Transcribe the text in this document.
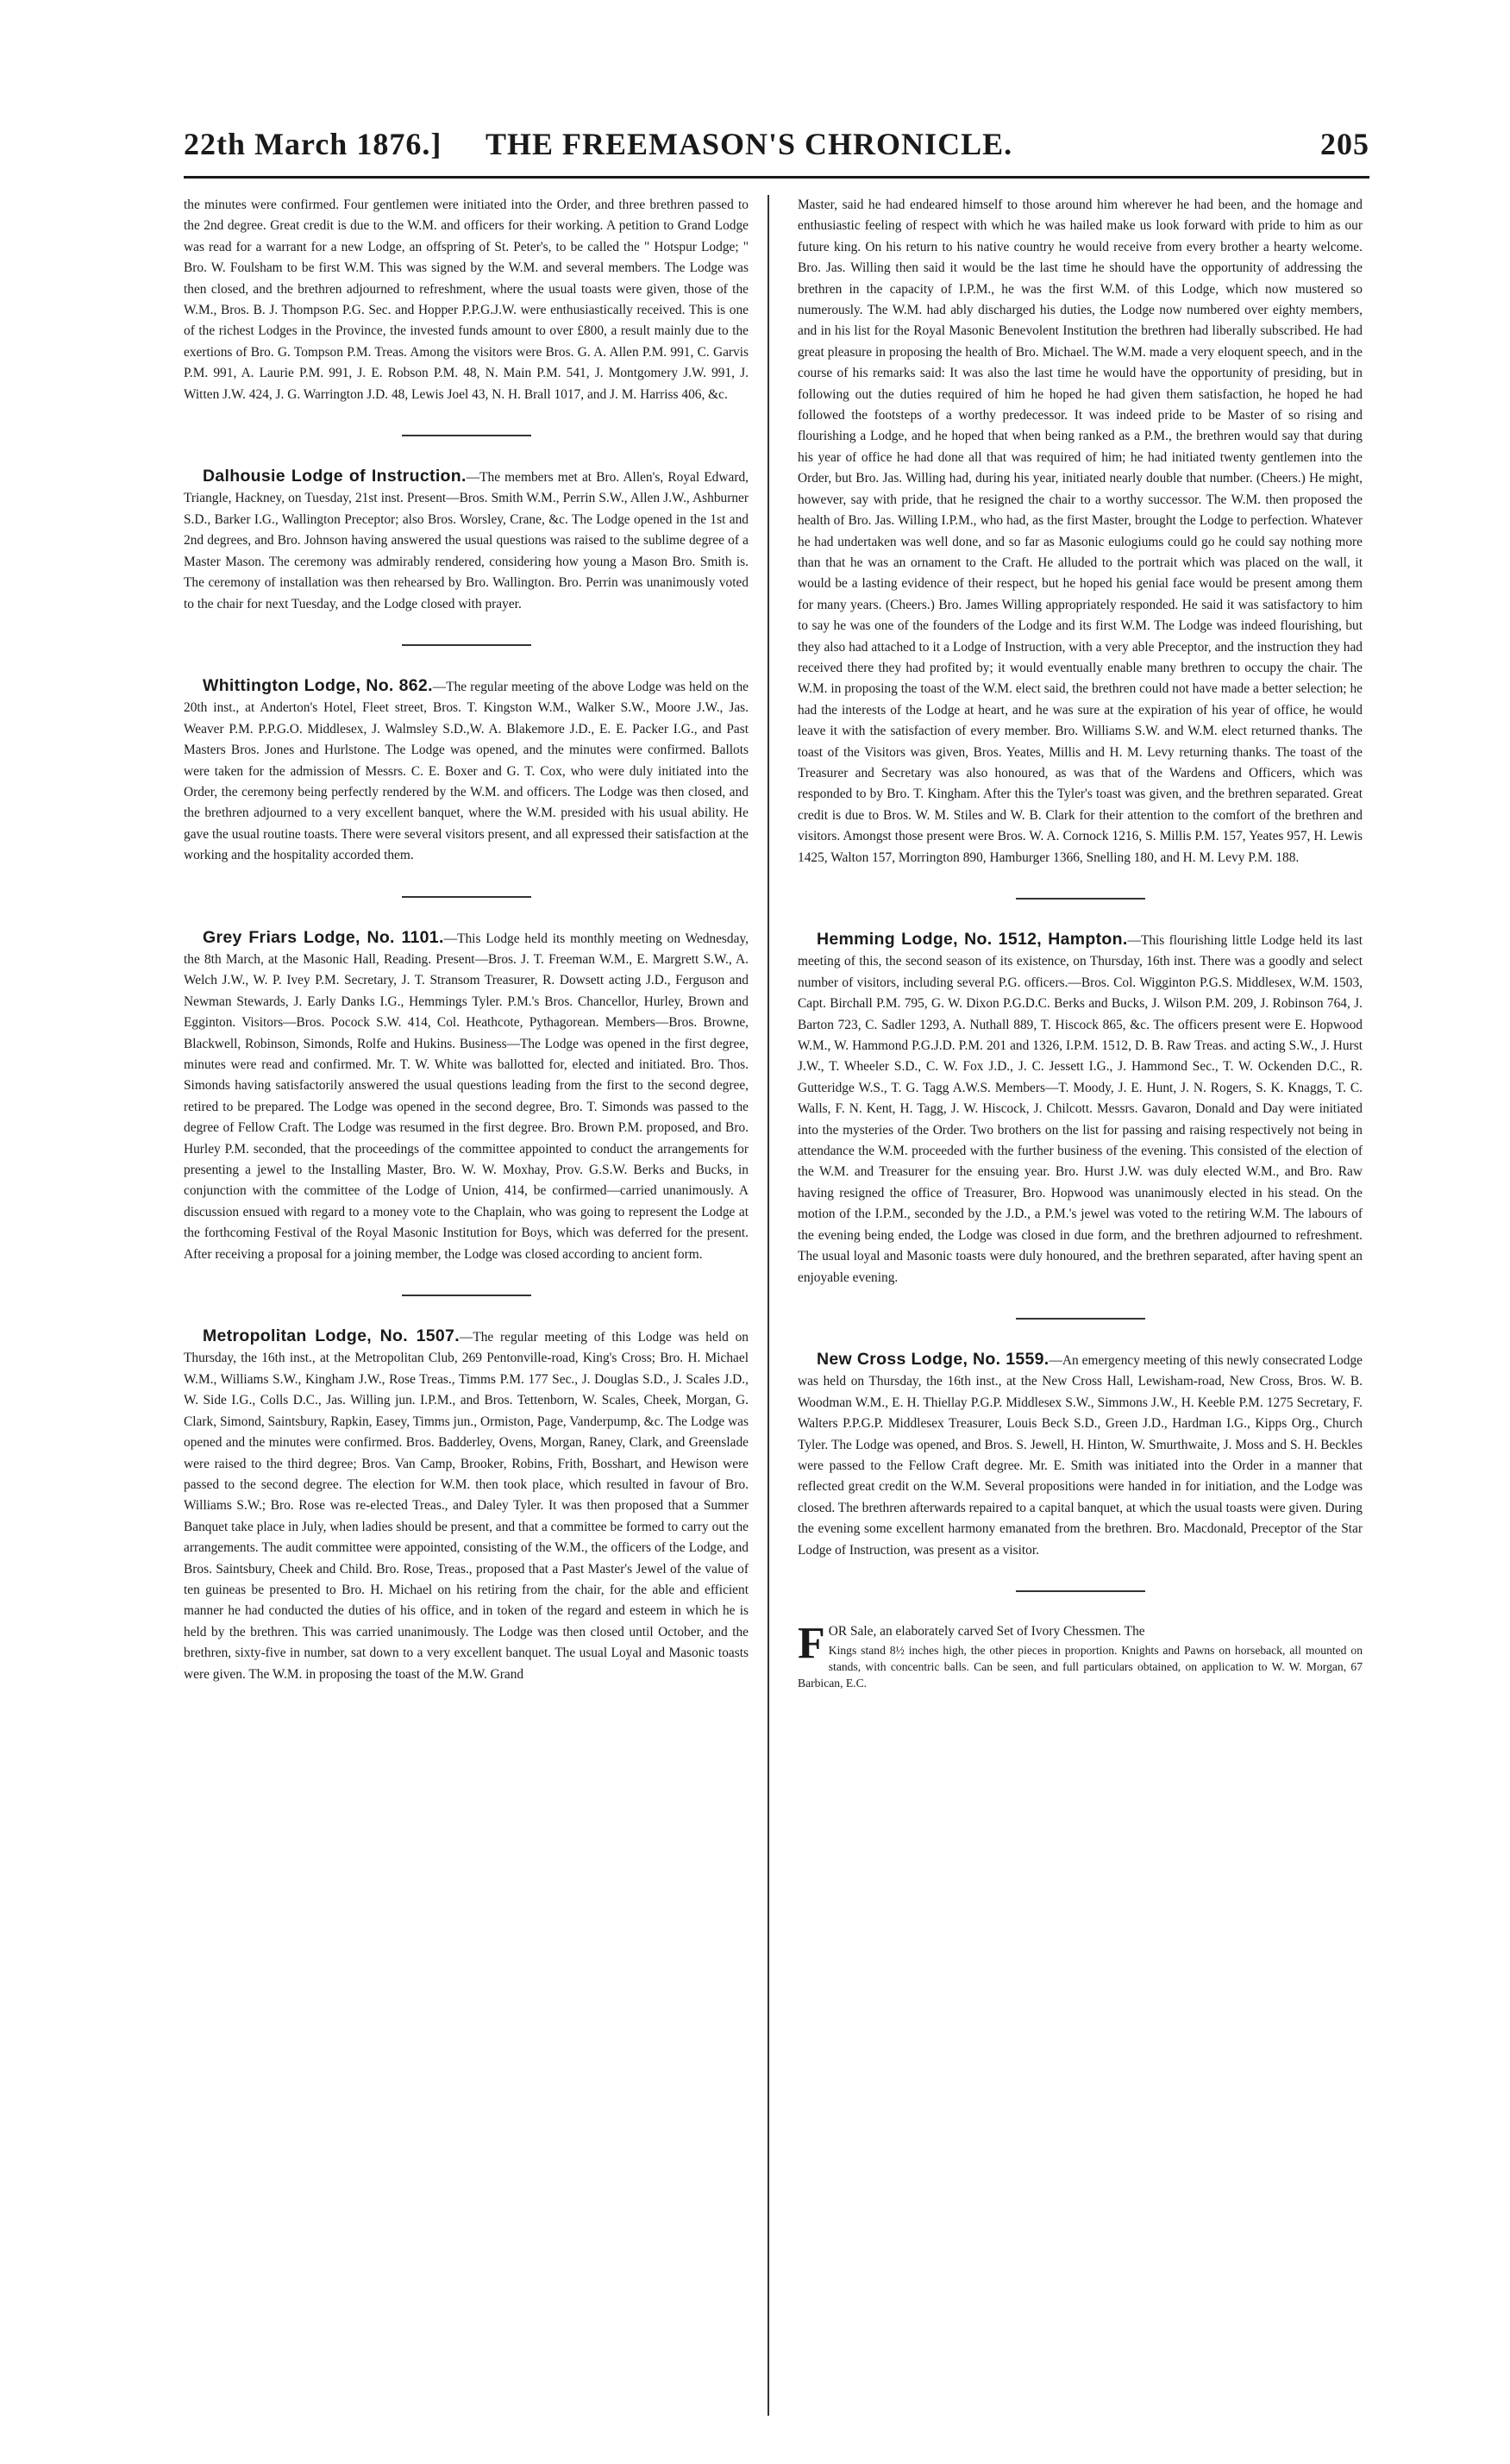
22th March 1876.] THE FREEMASON'S CHRONICLE.	205

the minutes were confirmed. Four gentlemen were initiated into the Order, and three brethren passed to the 2nd degree. Great credit is due to the W.M. and officers for their working. A petition to Grand Lodge was read for a warrant for a new Lodge, an offspring of St. Peter's, to be called the " Hotspur Lodge; " Bro. W. Foulsham to be first W.M. This was signed by the W.M. and several members. The Lodge was then closed, and the brethren adjourned to refreshment, where the usual toasts were given, those of the W.M., Bros. B. J. Thompson P.G. Sec. and Hopper P.P.G.J.W. were enthusiastically received. This is one of the richest Lodges in the Province, the invested funds amount to over £800, a result mainly due to the exertions of Bro. G. Tompson P.M. Treas. Among the visitors were Bros. G. A. Allen P.M. 991, C. Garvis P.M. 991, A. Laurie P.M. 991, J. E. Robson P.M. 48, N. Main P.M. 541, J. Montgomery J.W. 991, J. Witten J.W. 424, J. G. Warrington J.D. 48, Lewis Joel 43, N. H. Brall 1017, and J. M. Harriss 406, &c.

Dalhousie Lodge of Instruction.—The members met at Bro. Allen's, Royal Edward, Triangle, Hackney, on Tuesday, 21st inst. Present—Bros. Smith W.M., Perrin S.W., Allen J.W., Ashburner S.D., Barker I.G., Wallington Preceptor; also Bros. Worsley, Crane, &c. The Lodge opened in the 1st and 2nd degrees, and Bro. Johnson having answered the usual questions was raised to the sublime degree of a Master Mason. The ceremony was admirably rendered, considering how young a Mason Bro. Smith is. The ceremony of installation was then rehearsed by Bro. Wallington. Bro. Perrin was unanimously voted to the chair for next Tuesday, and the Lodge closed with prayer.

Whittington Lodge, No. 862.—The regular meeting of the above Lodge was held on the 20th inst., at Anderton's Hotel, Fleet street, Bros. T. Kingston W.M., Walker S.W., Moore J.W., Jas. Weaver P.M. P.P.G.O. Middlesex, J. Walmsley S.D.,W. A. Blakemore J.D., E. E. Packer I.G., and Past Masters Bros. Jones and Hurlstone. The Lodge was opened, and the minutes were confirmed. Ballots were taken for the admission of Messrs. C. E. Boxer and G. T. Cox, who were duly initiated into the Order, the ceremony being perfectly rendered by the W.M. and officers. The Lodge was then closed, and the brethren adjourned to a very excellent banquet, where the W.M. presided with his usual ability. He gave the usual routine toasts. There were several visitors present, and all expressed their satisfaction at the working and the hospitality accorded them.

Grey Friars Lodge, No. 1101.—This Lodge held its monthly meeting on Wednesday, the 8th March, at the Masonic Hall, Reading. Present—Bros. J. T. Freeman W.M., E. Margrett S.W., A. Welch J.W., W. P. Ivey P.M. Secretary, J. T. Stransom Treasurer, R. Dowsett acting J.D., Ferguson and Newman Stewards, J. Early Danks I.G., Hemmings Tyler. P.M.'s Bros. Chancellor, Hurley, Brown and Egginton. Visitors—Bros. Pocock S.W. 414, Col. Heathcote, Pythagorean. Members—Bros. Browne, Blackwell, Robinson, Simonds, Rolfe and Hukins. Business—The Lodge was opened in the first degree, minutes were read and confirmed. Mr. T. W. White was ballotted for, elected and initiated. Bro. Thos. Simonds having satisfactorily answered the usual questions leading from the first to the second degree, retired to be prepared. The Lodge was opened in the second degree, Bro. T. Simonds was passed to the degree of Fellow Craft. The Lodge was resumed in the first degree. Bro. Brown P.M. proposed, and Bro. Hurley P.M. seconded, that the proceedings of the committee appointed to conduct the arrangements for presenting a jewel to the Installing Master, Bro. W. W. Moxhay, Prov. G.S.W. Berks and Bucks, in conjunction with the committee of the Lodge of Union, 414, be confirmed—carried unanimously. A discussion ensued with regard to a money vote to the Chaplain, who was going to represent the Lodge at the forthcoming Festival of the Royal Masonic Institution for Boys, which was deferred for the present. After receiving a proposal for a joining member, the Lodge was closed according to ancient form.

Metropolitan Lodge, No. 1507.—The regular meeting of this Lodge was held on Thursday, the 16th inst., at the Metropolitan Club, 269 Pentonville-road, King's Cross; Bro. H. Michael W.M., Williams S.W., Kingham J.W., Rose Treas., Timms P.M. 177 Sec., J. Douglas S.D., J. Scales J.D., W. Side I.G., Colls D.C., Jas. Willing jun. I.P.M., and Bros. Tettenborn, W. Scales, Cheek, Morgan, G. Clark, Simond, Saintsbury, Rapkin, Easey, Timms jun., Ormiston, Page, Vanderpump, &c. The Lodge was opened and the minutes were confirmed. Bros. Badderley, Ovens, Morgan, Raney, Clark, and Greenslade were raised to the third degree; Bros. Van Camp, Brooker, Robins, Frith, Bosshart, and Hewison were passed to the second degree. The election for W.M. then took place, which resulted in favour of Bro. Williams S.W.; Bro. Rose was re-elected Treas., and Daley Tyler. It was then proposed that a Summer Banquet take place in July, when ladies should be present, and that a committee be formed to carry out the arrangements. The audit committee were appointed, consisting of the W.M., the officers of the Lodge, and Bros. Saintsbury, Cheek and Child. Bro. Rose, Treas., proposed that a Past Master's Jewel of the value of ten guineas be presented to Bro. H. Michael on his retiring from the chair, for the able and efficient manner he had conducted the duties of his office, and in token of the regard and esteem in which he is held by the brethren. This was carried unanimously. The Lodge was then closed until October, and the brethren, sixty-five in number, sat down to a very excellent banquet. The usual Loyal and Masonic toasts were given. The W.M. in proposing the toast of the M.W. Grand

Master, said he had endeared himself to those around him wherever he had been, and the homage and enthusiastic feeling of respect with which he was hailed make us look forward with pride to him as our future king. On his return to his native country he would receive from every brother a hearty welcome. Bro. Jas. Willing then said it would be the last time he should have the opportunity of addressing the brethren in the capacity of I.P.M., he was the first W.M. of this Lodge, which now mustered so numerously. The W.M. had ably discharged his duties, the Lodge now numbered over eighty members, and in his list for the Royal Masonic Benevolent Institution the brethren had liberally subscribed. He had great pleasure in proposing the health of Bro. Michael. The W.M. made a very eloquent speech, and in the course of his remarks said: It was also the last time he would have the opportunity of presiding, but in following out the duties required of him he hoped he had given them satisfaction, he hoped he had followed the footsteps of a worthy predecessor. It was indeed pride to be Master of so rising and flourishing a Lodge, and he hoped that when being ranked as a P.M., the brethren would say that during his year of office he had done all that was required of him; he had initiated twenty gentlemen into the Order, but Bro. Jas. Willing had, during his year, initiated nearly double that number. (Cheers.) He might, however, say with pride, that he resigned the chair to a worthy successor. The W.M. then proposed the health of Bro. Jas. Willing I.P.M., who had, as the first Master, brought the Lodge to perfection. Whatever he had undertaken was well done, and so far as Masonic eulogiums could go he could say nothing more than that he was an ornament to the Craft. He alluded to the portrait which was placed on the wall, it would be a lasting evidence of their respect, but he hoped his genial face would be present among them for many years. (Cheers.) Bro. James Willing appropriately responded. He said it was satisfactory to him to say he was one of the founders of the Lodge and its first W.M. The Lodge was indeed flourishing, but they also had attached to it a Lodge of Instruction, with a very able Preceptor, and the instruction they had received there they had profited by; it would eventually enable many brethren to occupy the chair. The W.M. in proposing the toast of the W.M. elect said, the brethren could not have made a better selection; he had the interests of the Lodge at heart, and he was sure at the expiration of his year of office, he would leave it with the satisfaction of every member. Bro. Williams S.W. and W.M. elect returned thanks. The toast of the Visitors was given, Bros. Yeates, Millis and H. M. Levy returning thanks. The toast of the Treasurer and Secretary was also honoured, as was that of the Wardens and Officers, which was responded to by Bro. T. Kingham. After this the Tyler's toast was given, and the brethren separated. Great credit is due to Bros. W. M. Stiles and W. B. Clark for their attention to the comfort of the brethren and visitors. Amongst those present were Bros. W. A. Cornock 1216, S. Millis P.M. 157, Yeates 957, H. Lewis 1425, Walton 157, Morrington 890, Hamburger 1366, Snelling 180, and H. M. Levy P.M. 188.

Hemming Lodge, No. 1512, Hampton.—This flourishing little Lodge held its last meeting of this, the second season of its existence, on Thursday, 16th inst. There was a goodly and select number of visitors, including several P.G. officers.—Bros. Col. Wigginton P.G.S. Middlesex, W.M. 1503, Capt. Birchall P.M. 795, G. W. Dixon P.G.D.C. Berks and Bucks, J. Wilson P.M. 209, J. Robinson 764, J. Barton 723, C. Sadler 1293, A. Nuthall 889, T. Hiscock 865, &c. The officers present were E. Hopwood W.M., W. Hammond P.G.J.D. P.M. 201 and 1326, I.P.M. 1512, D. B. Raw Treas. and acting S.W., J. Hurst J.W., T. Wheeler S.D., C. W. Fox J.D., J. C. Jessett I.G., J. Hammond Sec., T. W. Ockenden D.C., R. Gutteridge W.S., T. G. Tagg A.W.S. Members—T. Moody, J. E. Hunt, J. N. Rogers, S. K. Knaggs, T. C. Walls, F. N. Kent, H. Tagg, J. W. Hiscock, J. Chilcott. Messrs. Gavaron, Donald and Day were initiated into the mysteries of the Order. Two brothers on the list for passing and raising respectively not being in attendance the W.M. proceeded with the further business of the evening. This consisted of the election of the W.M. and Treasurer for the ensuing year. Bro. Hurst J.W. was duly elected W.M., and Bro. Raw having resigned the office of Treasurer, Bro. Hopwood was unanimously elected in his stead. On the motion of the I.P.M., seconded by the J.D., a P.M.'s jewel was voted to the retiring W.M. The labours of the evening being ended, the Lodge was closed in due form, and the brethren adjourned to refreshment. The usual loyal and Masonic toasts were duly honoured, and the brethren separated, after having spent an enjoyable evening.

New Cross Lodge, No. 1559.—An emergency meeting of this newly consecrated Lodge was held on Thursday, the 16th inst., at the New Cross Hall, Lewisham-road, New Cross, Bros. W. B. Woodman W.M., E. H. Thiellay P.G.P. Middlesex S.W., Simmons J.W., H. Keeble P.M. 1275 Secretary, F. Walters P.P.G.P. Middlesex Treasurer, Louis Beck S.D., Green J.D., Hardman I.G., Kipps Org., Church Tyler. The Lodge was opened, and Bros. S. Jewell, H. Hinton, W. Smurthwaite, J. Moss and S. H. Beckles were passed to the Fellow Craft degree. Mr. E. Smith was initiated into the Order in a manner that reflected great credit on the W.M. Several propositions were handed in for initiation, and the Lodge was closed. The brethren afterwards repaired to a capital banquet, at which the usual toasts were given. During the evening some excellent harmony emanated from the brethren. Bro. Macdonald, Preceptor of the Star Lodge of Instruction, was present as a visitor.

F OR Sale, an elaborately carved Set of Ivory Chessmen. The

Kings stand 8½ inches high, the other pieces in proportion. Knights and Pawns on horseback, all mounted on stands, with concentric balls. Can be seen, and full particulars obtained, on application to W. W. Morgan, 67 Barbican, E.C.
